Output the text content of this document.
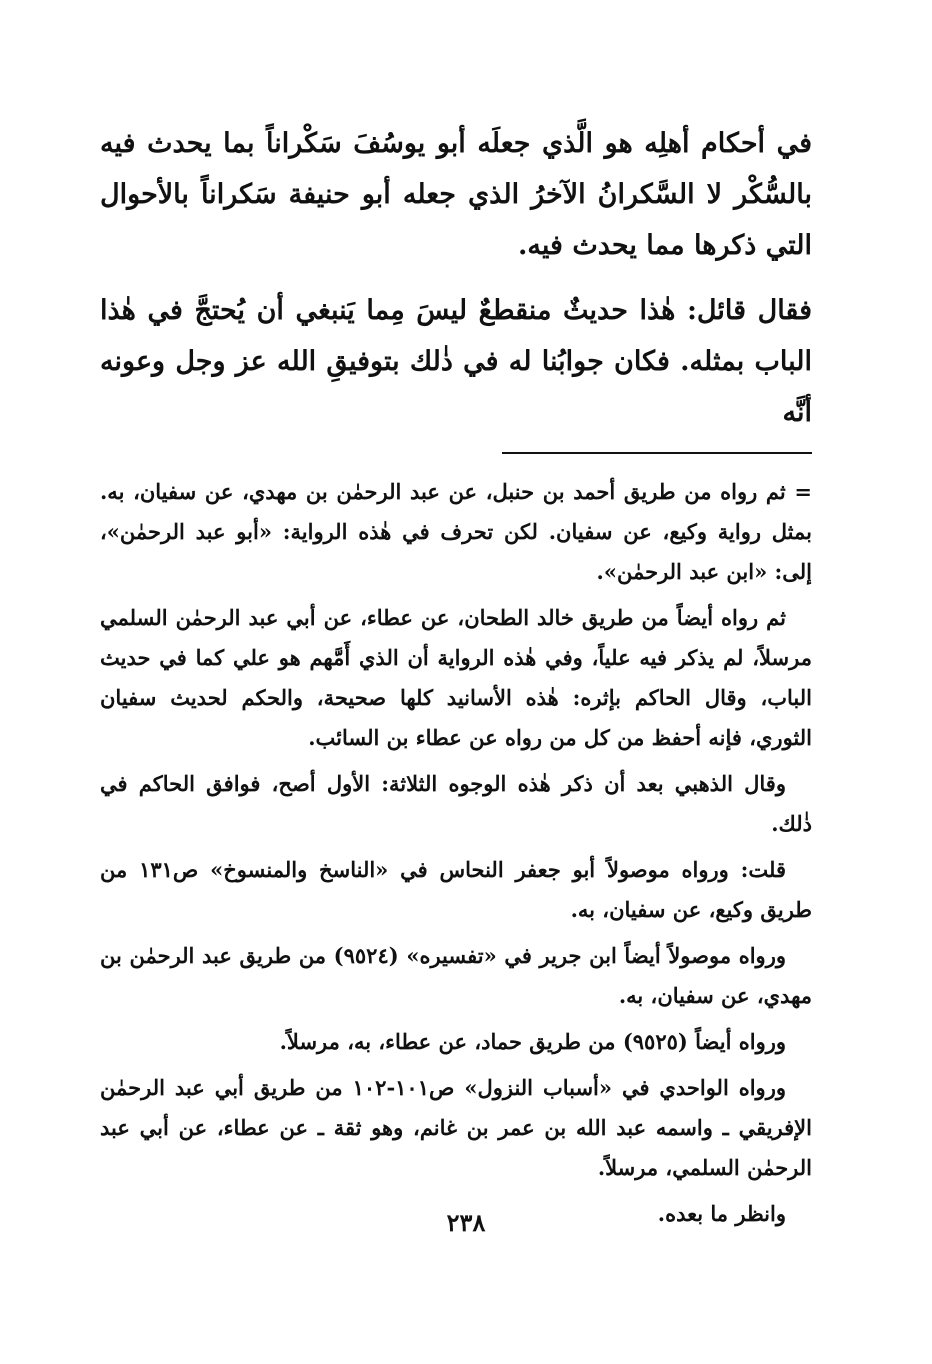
في أحكام أهلِه هو الَّذي جعلَه أبو يوسُفَ سَكْراناً بما يحدث فيه بالسُّكْر لا السَّكرانُ الآخرُ الذي جعله أبو حنيفة سَكراناً بالأحوال التي ذكرها مما يحدث فيه.

فقال قائل: هٰذا حديثٌ منقطعٌ ليسَ مِما يَنبغي أن يُحتجَّ في هٰذا الباب بمثله. فكان جوابُنا له في ذٰلك بتوفيقِ الله عز وجل وعونه أنَّه

= ثم رواه من طريق أحمد بن حنبل، عن عبد الرحمٰن بن مهدي، عن سفيان، به. بمثل رواية وكيع، عن سفيان. لكن تحرف في هٰذه الرواية: «أبو عبد الرحمٰن»، إلى: «ابن عبد الرحمٰن».

ثم رواه أيضاً من طريق خالد الطحان، عن عطاء، عن أبي عبد الرحمٰن السلمي مرسلاً، لم يذكر فيه علياً، وفي هٰذه الرواية أن الذي أَمَّهم هو علي كما في حديث الباب، وقال الحاكم بإثره: هٰذه الأسانيد كلها صحيحة، والحكم لحديث سفيان الثوري، فإنه أحفظ من كل من رواه عن عطاء بن السائب.

وقال الذهبي بعد أن ذكر هٰذه الوجوه الثلاثة: الأول أصح، فوافق الحاكم في ذٰلك.

قلت: ورواه موصولاً أبو جعفر النحاس في «الناسخ والمنسوخ» ص١٣١ من طريق وكيع، عن سفيان، به.

ورواه موصولاً أيضاً ابن جرير في «تفسيره» (٩٥٢٤) من طريق عبد الرحمٰن بن مهدي، عن سفيان، به.

ورواه أيضاً (٩٥٢٥) من طريق حماد، عن عطاء، به، مرسلاً.

ورواه الواحدي في «أسباب النزول» ص١٠١-١٠٢ من طريق أبي عبد الرحمٰن الإفريقي ـ واسمه عبد الله بن عمر بن غانم، وهو ثقة ـ عن عطاء، عن أبي عبد الرحمٰن السلمي، مرسلاً.

وانظر ما بعده.

٢٣٨
